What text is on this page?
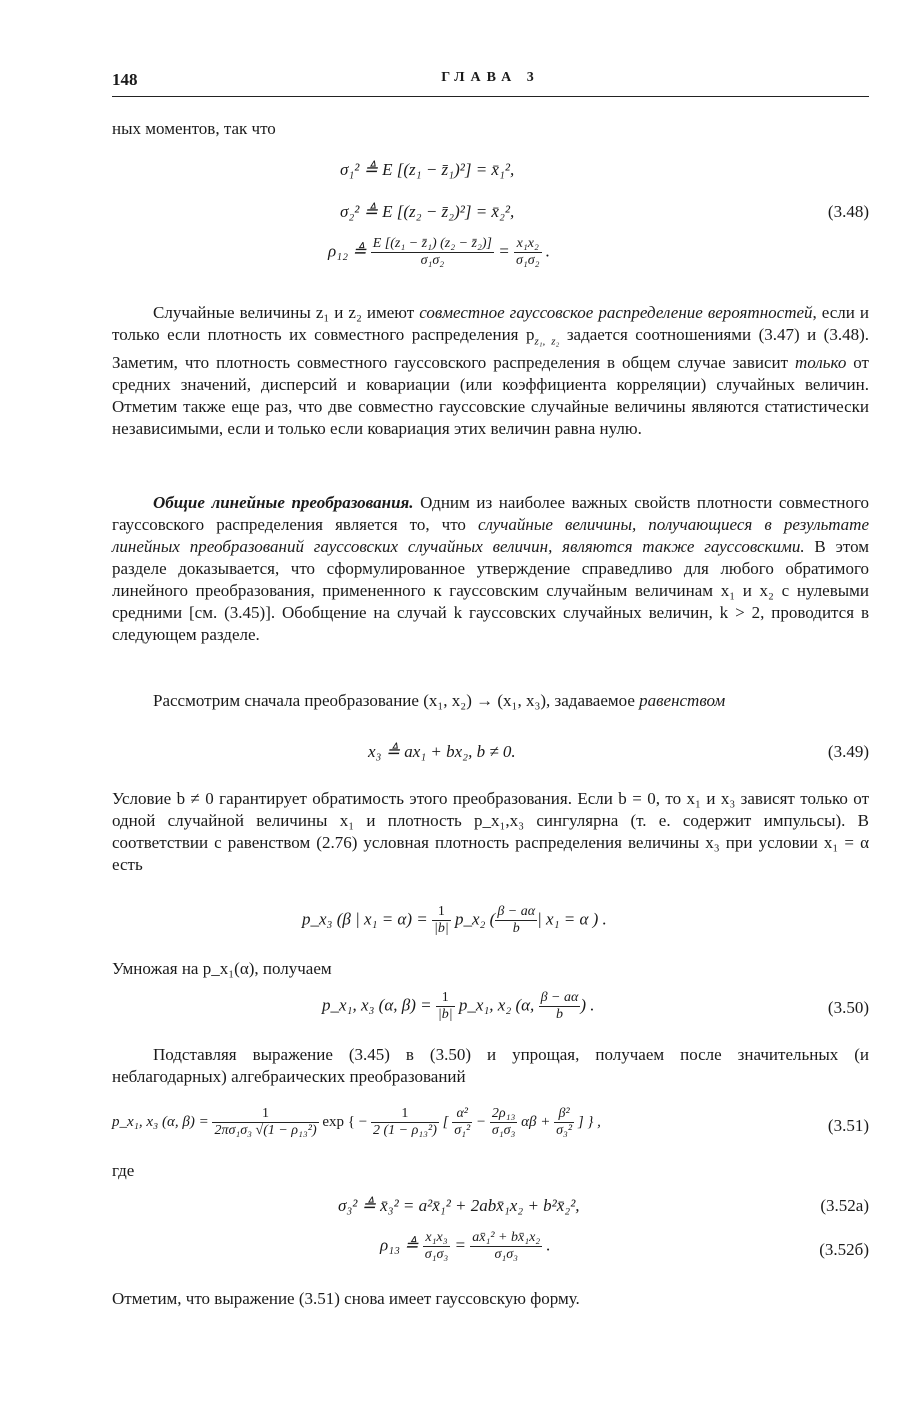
148	ГЛАВА 3

ных моментов, так что

σ₁² ≜ E [(z₁ − z̄₁)²] = x̄₁²,
σ₂² ≜ E [(z₂ − z̄₂)²] = x̄₂²,
ρ₁₂ ≜ $\frac{\text{E [(z₁ − z̄₁) (z₂ − z̄₂)]}}{\text{σ₁σ₂}} = \frac{\text{x₁x₂}}{\text{σ₁σ₂}}$ .
(3.48)

Случайные величины z₁ и z₂ имеют совместное гауссовское распределение вероятностей, если и только если плотность их совместного распределения $p_{z_1, z_2}$ задается соотношениями (3.47) и (3.48). Заметим, что плотность совместного гауссовского распределения в общем случае зависит только от средних значений, дисперсий и ковариации (или коэффициента корреляции) случайных величин. Отметим также еще раз, что две совместно гауссовские случайные величины являются статистически независимыми, если и только если ковариация этих величин равна нулю.

Общие линейные преобразования. Одним из наиболее важных свойств плотности совместного гауссовского распределения является то, что случайные величины, получающиеся в результате линейных преобразований гауссовских случайных величин, являются также гауссовскими. В этом разделе доказывается, что сформулированное утверждение справедливо для любого обратимого линейного преобразования, примененного к гауссовским случайным величинам x₁ и x₂ с нулевыми средними [см. (3.45)]. Обобщение на случай k гауссовских случайных величин, k > 2, проводится в следующем разделе.

Рассмотрим сначала преобразование (x₁, x₂) → (x₁, x₃), задаваемое равенством

x₃ ≜ ax₁ + bx₂, b ≠ 0.	(3.49)

Условие b ≠ 0 гарантирует обратимость этого преобразования. Если b = 0, то x₁ и x₃ зависят только от одной случайной величины x₁ и плотность p_x₁,x₃ сингулярна (т. е. содержит импульсы). В соответствии с равенством (2.76) условная плотность распределения величины x₃ при условии x₁ = α есть

p_x₃ (β | $x_1 = \alpha) = \frac{1}{|b|}$ p_x₂ ( $\frac{\beta - a\alpha}{b}$ | x₁ = α ) .

Умножая на p_x₁(α), получаем

p_x₁, x₃ (α, $\beta) = \frac{1}{|b|}$ p_x₁, x₂ (α, $\frac{\beta - a\alpha}{b}$ ) .	(3.50)

Подставляя выражение (3.45) в (3.50) и упрощая, получаем после значительных (и неблагодарных) алгебраических преобразований

p_x₁, x₃ (α, $\beta) = \frac{1}{\text{2πσ₁σ₃ √(1 − ρ₁₃²)}}$ exp { − $\frac{1}{\text{2 (1 − ρ₁₃²)}}$ [ $\frac{\text{α²}}{\text{σ₁²}} - \frac{\text{2ρ₁₃}}{\text{σ₁σ₃}}$ $\alpha\beta + \frac{\text{β²}}{\text{σ₃²}}$ ] } ,	(3.51)

где

σ₃² ≜ x̄₃² = a²x̄₁² + 2abx̄₁x₂ + b²x̄₂²,	(3.52a)
ρ₁₃ ≜ $\frac{\text{x₁x₃}}{\text{σ₁σ₃}} = \frac{\text{ax̄₁² + bx̄₁x₂}}{\text{σ₁σ₃}}$ .	(3.52б)

Отметим, что выражение (3.51) снова имеет гауссовскую форму.
